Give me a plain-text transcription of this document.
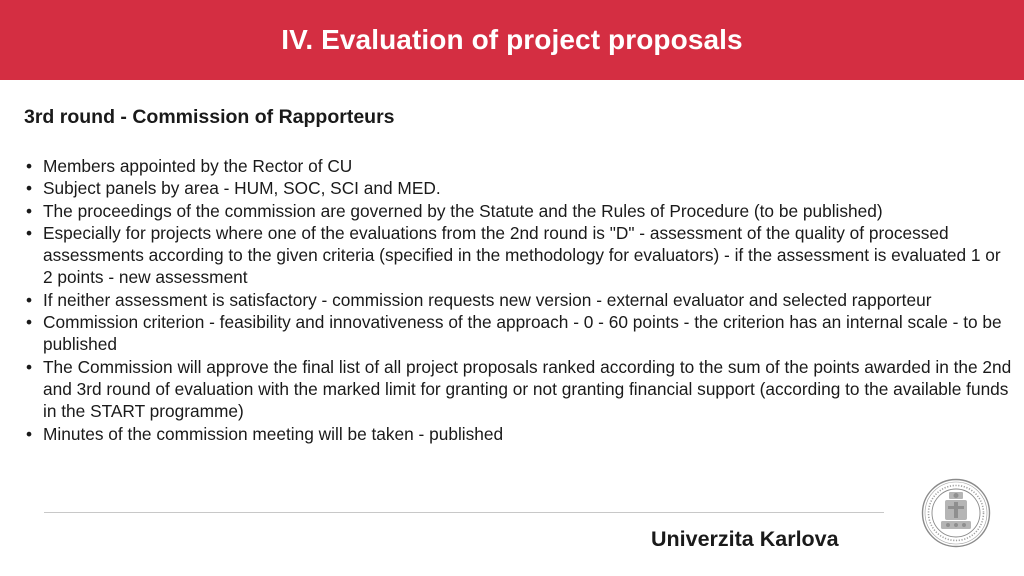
IV. Evaluation of project proposals
3rd round - Commission of Rapporteurs
• Members appointed by the Rector of CU
• Subject panels by area - HUM, SOC, SCI and MED.
• The proceedings of the commission are governed by the Statute and the Rules of Procedure (to be published)
• Especially for projects where one of the evaluations from the 2nd round is "D" - assessment of the quality of processed assessments according to the given criteria (specified in the methodology for evaluators) - if the assessment is evaluated 1 or 2 points - new assessment
• If neither assessment is satisfactory - commission requests new version - external evaluator and selected rapporteur
• Commission criterion - feasibility and innovativeness of the approach - 0 - 60 points - the criterion has an internal scale - to be published
• The Commission will approve the final list of all project proposals ranked according to the sum of the points awarded in the 2nd and 3rd round of evaluation with the marked limit for granting or not granting financial support (according to the available funds in the START programme)
• Minutes of the commission meeting will be taken - published
Univerzita Karlova
